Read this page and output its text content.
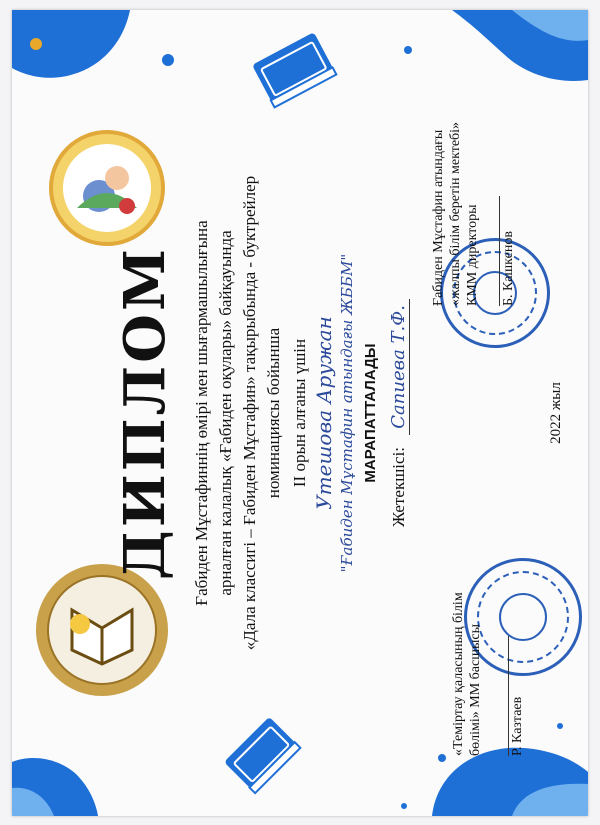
ДИПЛОМ Ғабиден Мұстафиннің өмірі мен шығармашылығына арналған калалық «Ғабиден оқулары» байқауында «Дала классигі – Ғабиден Мұстафин» тақырыбында - буктрейлер номинациясы бойынша ІІ орын алғаны үшін Утешова Аружан "Ғабиден Мұстафин атындағы ЖББМ" МАРАПАТТАЛАДЫ
Жетекшісі: Сапиева Т.Ф.	2022 жыл
«Теміртау қаласының білім бөлімі» ММ басшысы Р. Казтаев
Ғабиден Мұстафин атындағы «жалпы білім беретін мектебі» КММ директоры Б. Кашкенов
